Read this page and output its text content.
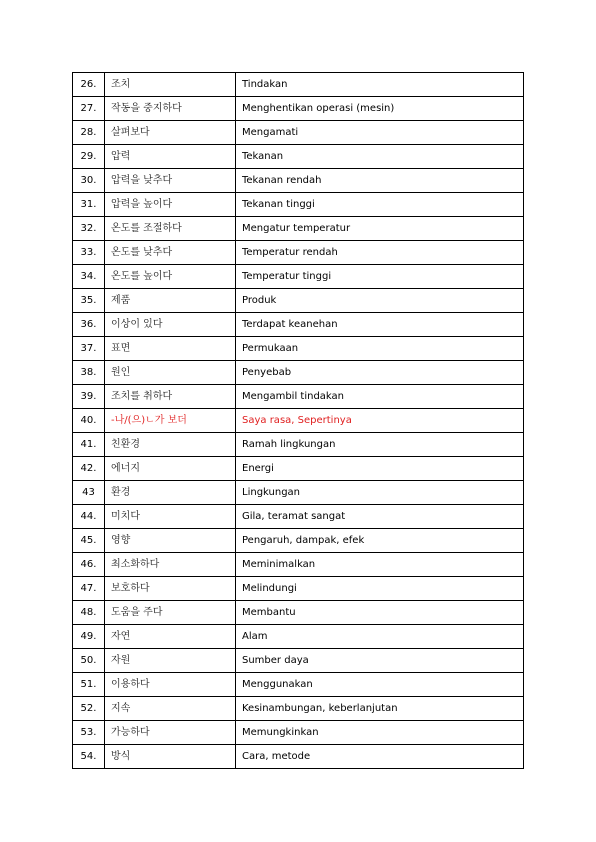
26.	조치	Tindakan
27.	작동을 중지하다	Menghentikan operasi (mesin)
28.	살펴보다	Mengamati
29.	압력	Tekanan
30.	압력을 낮추다	Tekanan rendah
31.	압력을 높이다	Tekanan tinggi
32.	온도를 조절하다	Mengatur temperatur
33.	온도를 낮추다	Temperatur rendah
34.	온도를 높이다	Temperatur tinggi
35.	제품	Produk
36.	이상이 있다	Terdapat keanehan
37.	표면	Permukaan
38.	원인	Penyebab
39.	조치를 취하다	Mengambil tindakan
40.	-나/(으)ㄴ가 보더	Saya rasa, Sepertinya
41.	친환경	Ramah lingkungan
42.	에너지	Energi
43	환경	Lingkungan
44.	미치다	Gila, teramat sangat
45.	영향	Pengaruh, dampak, efek
46.	최소화하다	Meminimalkan
47.	보호하다	Melindungi
48.	도움을 주다	Membantu
49.	자연	Alam
50.	자원	Sumber daya
51.	이용하다	Menggunakan
52.	지속	Kesinambungan, keberlanjutan
53.	가능하다	Memungkinkan
54.	방식	Cara, metode
